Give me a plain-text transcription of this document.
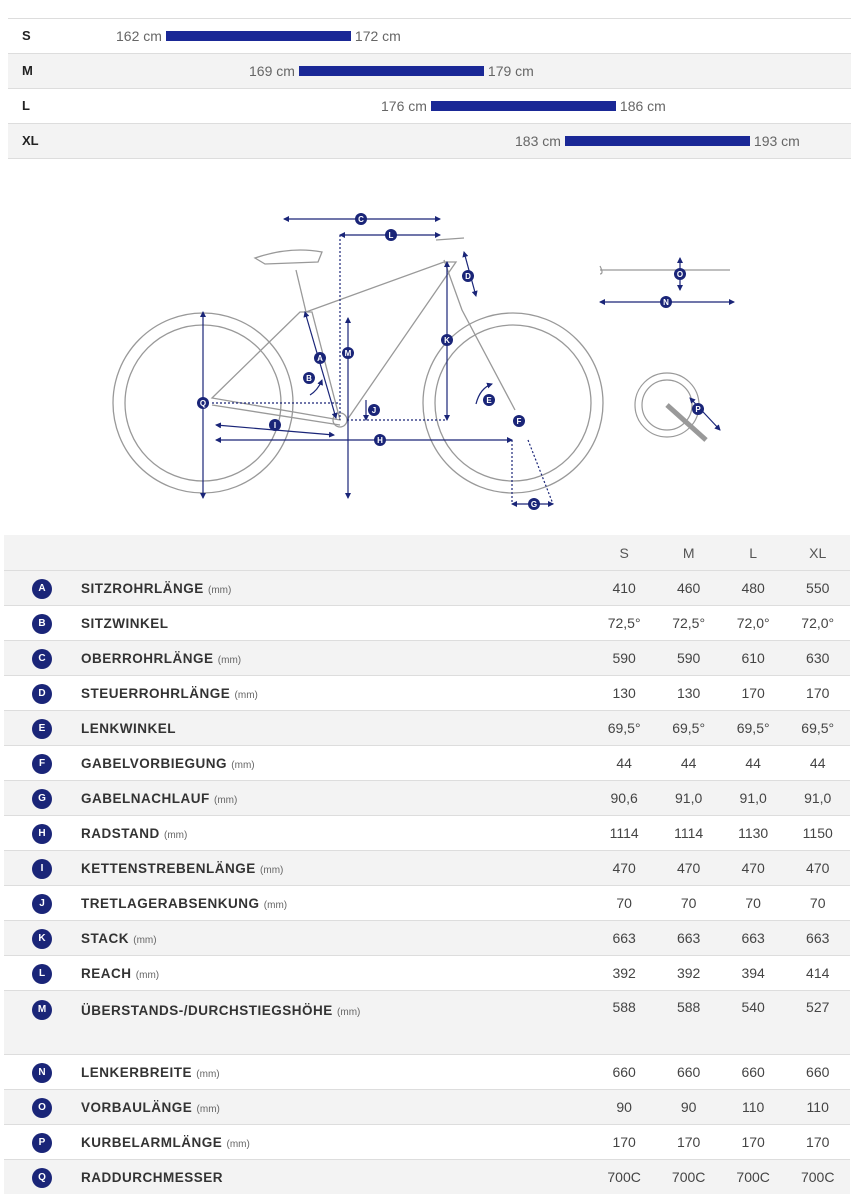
S	162 cm	172 cm
M	169 cm	179 cm
L	176 cm	186 cm
XL	183 cm	193 cm
A
B
C
D
E
F
G
H
I
J
K
L
M
N
O
P
Q
		S	M	L	XL
A	SITZROHRLÄNGE (mm)	410	460	480	550
B	SITZWINKEL	72,5°	72,5°	72,0°	72,0°
C	OBERROHRLÄNGE (mm)	590	590	610	630
D	STEUERROHRLÄNGE (mm)	130	130	170	170
E	LENKWINKEL	69,5°	69,5°	69,5°	69,5°
F	GABELVORBIEGUNG (mm)	44	44	44	44
G	GABELNACHLAUF (mm)	90,6	91,0	91,0	91,0
H	RADSTAND (mm)	1114	1114	1130	1150
I	KETTENSTREBENLÄNGE (mm)	470	470	470	470
J	TRETLAGERABSENKUNG (mm)	70	70	70	70
K	STACK (mm)	663	663	663	663
L	REACH (mm)	392	392	394	414
M	ÜBERSTANDS-/DURCHSTIEGSHÖHE (mm)	588	588	540	527
N	LENKERBREITE (mm)	660	660	660	660
O	VORBAULÄNGE (mm)	90	90	110	110
P	KURBELARMLÄNGE (mm)	170	170	170	170
Q	RADDURCHMESSER	700C	700C	700C	700C
